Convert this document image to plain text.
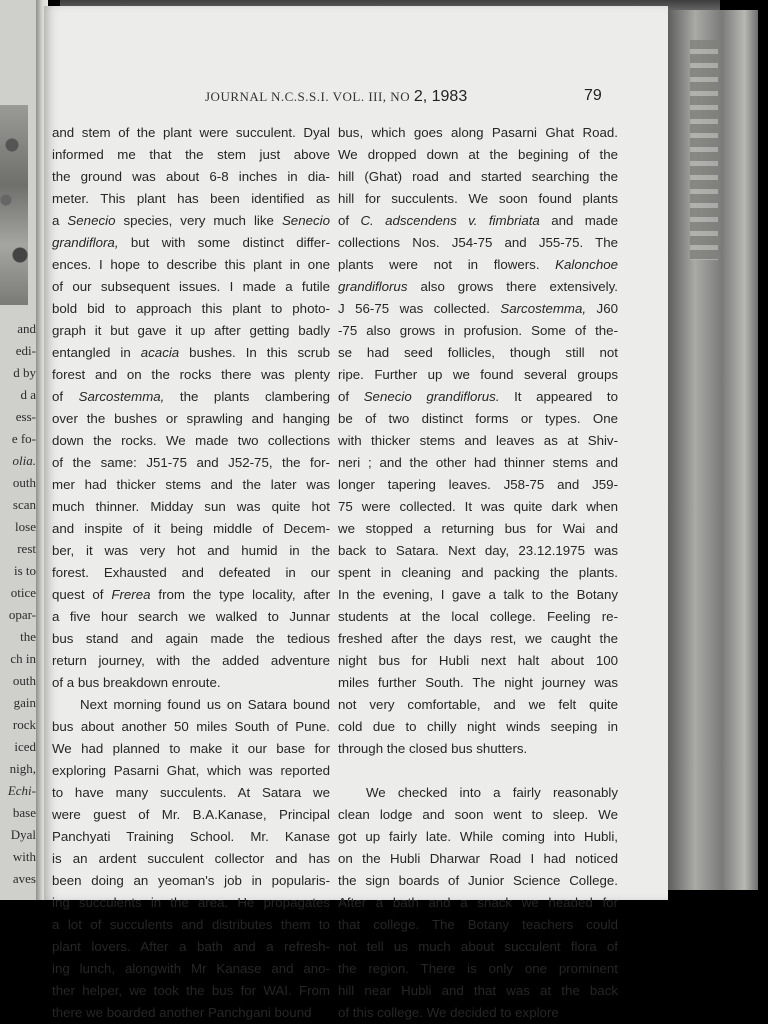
and
edi-
d by
d a
ess-
e fo-
olia.
outh
scan
lose
rest
is to
otice
opar-
the
ch in
outh
gain
rock
iced
nigh,
Echi-
base
Dyal
with
aves
JOURNAL N.C.S.S.I. VOL. III, NO 2, 1983	79
and stem of the plant were succulent. Dyal
informed me that the stem just above
the ground was about 6-8 inches in dia-
meter. This plant has been identified as
a Senecio species, very much like Senecio
grandiflora, but with some distinct differ-
ences. I hope to describe this plant in one
of our subsequent issues. I made a futile
bold bid to approach this plant to photo-
graph it but gave it up after getting badly
entangled in acacia bushes. In this scrub
forest and on the rocks there was plenty
of Sarcostemma, the plants clambering
over the bushes or sprawling and hanging
down the rocks. We made two collections
of the same: J51-75 and J52-75, the for-
mer had thicker stems and the later was
much thinner. Midday sun was quite hot
and inspite of it being middle of Decem-
ber, it was very hot and humid in the
forest. Exhausted and defeated in our
quest of Frerea from the type locality, after
a five hour search we walked to Junnar
bus stand and again made the tedious
return journey, with the added adventure
of a bus breakdown enroute.
Next morning found us on Satara bound
bus about another 50 miles South of Pune.
We had planned to make it our base for
exploring Pasarni Ghat, which was reported
to have many succulents. At Satara we
were guest of Mr. B.A.Kanase, Principal
Panchyati Training School. Mr. Kanase
is an ardent succulent collector and has
been doing an yeoman's job in popularis-
ing succulents in the area. He propagates
a lot of succulents and distributes them to
plant lovers. After a bath and a refresh-
ing lunch, alongwith Mr Kanase and ano-
ther helper, we took the bus for WAI. From
there we boarded another Panchgani bound
bus, which goes along Pasarni Ghat Road.
We dropped down at the begining of the
hill (Ghat) road and started searching the
hill for succulents. We soon found plants
of C. adscendens v. fimbriata and made
collections Nos. J54-75 and J55-75. The
plants were not in flowers. Kalonchoe
grandiflorus also grows there extensively.
J 56-75 was collected. Sarcostemma, J60
-75 also grows in profusion. Some of the-
se had seed follicles, though still not
ripe. Further up we found several groups
of Senecio grandiflorus. It appeared to
be of two distinct forms or types. One
with thicker stems and leaves as at Shiv-
neri ; and the other had thinner stems and
longer tapering leaves. J58-75 and J59-
75 were collected. It was quite dark when
we stopped a returning bus for Wai and
back to Satara. Next day, 23.12.1975 was
spent in cleaning and packing the plants.
In the evening, I gave a talk to the Botany
students at the local college. Feeling re-
freshed after the days rest, we caught the
night bus for Hubli next halt about 100
miles further South. The night journey was
not very comfortable, and we felt quite
cold due to chilly night winds seeping in
through the closed bus shutters.
We checked into a fairly reasonably
clean lodge and soon went to sleep. We
got up fairly late. While coming into Hubli,
on the Hubli Dharwar Road I had noticed
the sign boards of Junior Science College.
After a bath and a snack we headed for
that college. The Botany teachers could
not tell us much about succulent flora of
the region. There is only one prominent
hill near Hubli and that was at the back
of this college. We decided to explore
